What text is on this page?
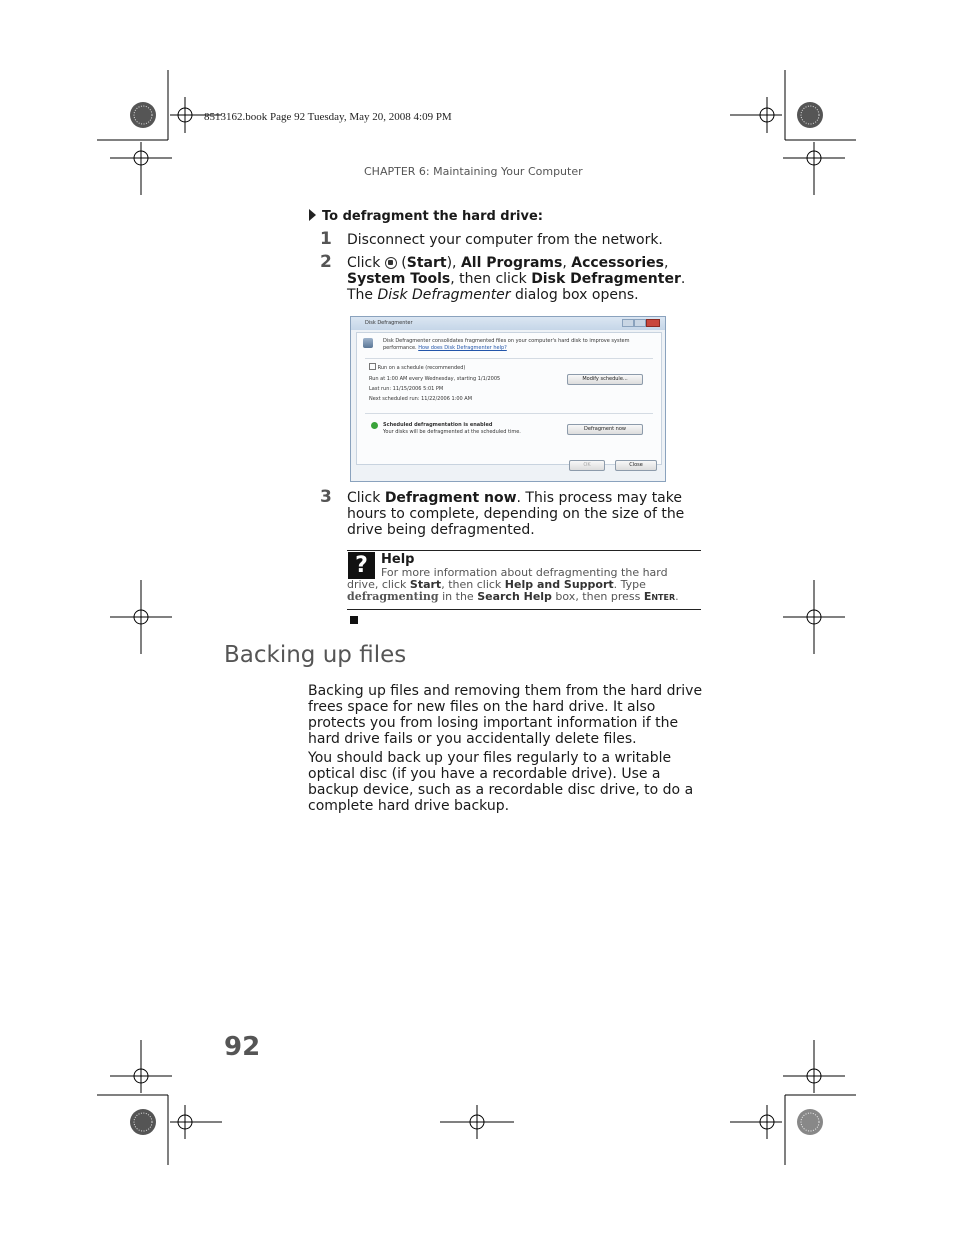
8513162.book Page 92 Tuesday, May 20, 2008 4:09 PM
CHAPTER 6: Maintaining Your Computer
To defragment the hard drive:
1	Disconnect your computer from the network.
2	Click
(Start), All Programs, Accessories, System Tools, then click Disk Defragmenter. The Disk Defragmenter dialog box opens.
Disk Defragmenter
Disk Defragmenter consolidates fragmented files on your computer's hard disk to improve system
performance. How does Disk Defragmenter help?
Run on a schedule (recommended)
Run at 1:00 AM every Wednesday, starting 1/1/2005
Last run: 11/15/2006 5:01 PM
Next scheduled run: 11/22/2006 1:00 AM
Modify schedule...
Scheduled defragmentation is enabled
Your disks will be defragmented at the scheduled time.	Defragment now
OK	Close
3	Click Defragment now. This process may take hours to complete, depending on the size of the drive being defragmented.
?	Help
For more information about defragmenting the hard drive, click Start, then click Help and Support. Type defragmenting in the Search Help box, then press Enter.
Backing up files
Backing up files and removing them from the hard drive frees space for new files on the hard drive. It also protects you from losing important information if the hard drive fails or you accidentally delete files.
You should back up your files regularly to a writable optical disc (if you have a recordable drive). Use a backup device, such as a recordable disc drive, to do a complete hard drive backup.
92
